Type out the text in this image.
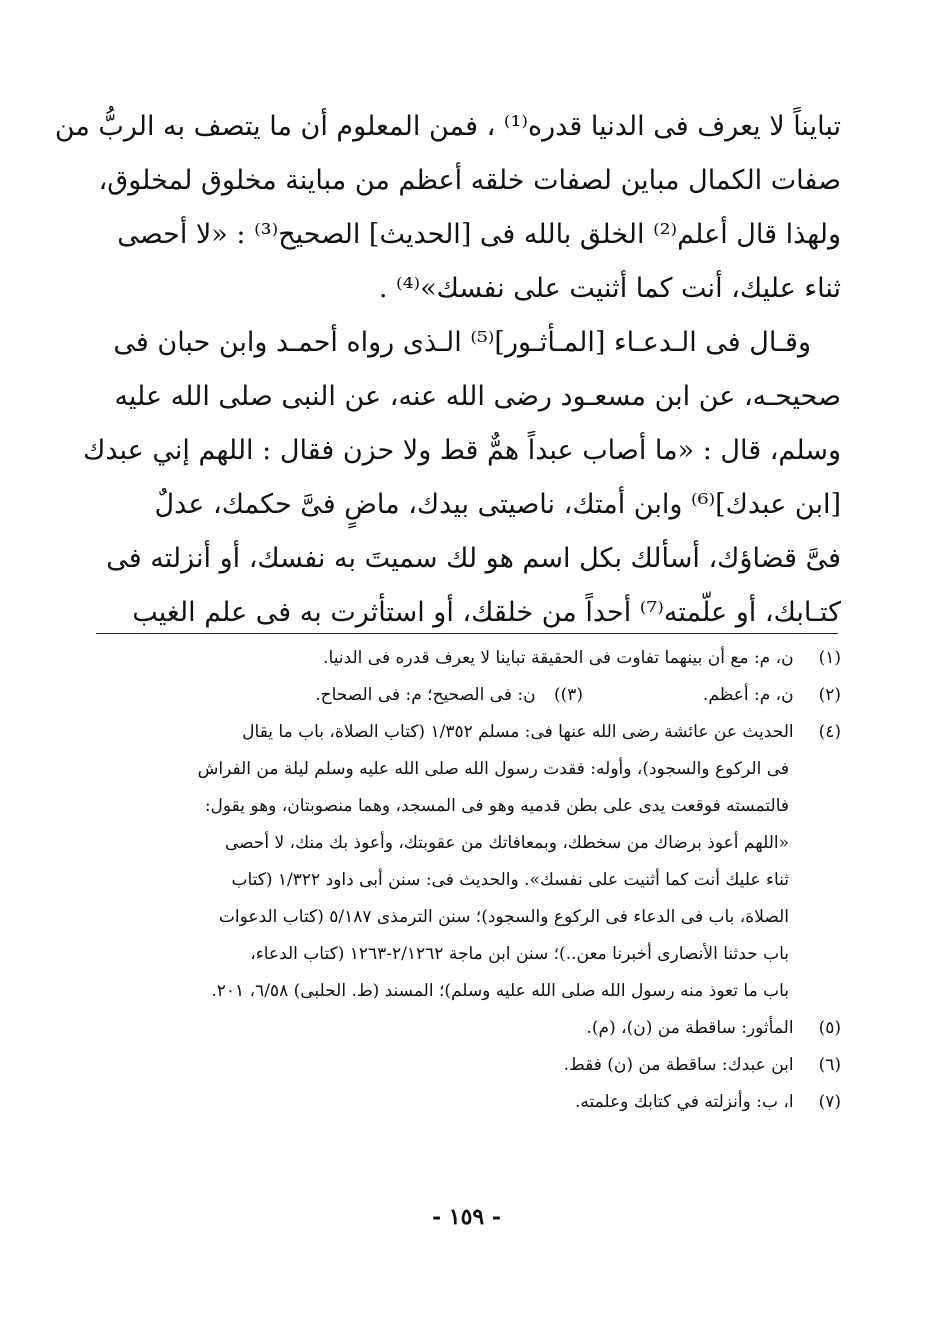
تبايناً لا يعرف فى الدنيا قدره⁽¹⁾ ، فمن المعلوم أن ما يتصف به الربُّ من
صفات الكمال مباين لصفات خلقه أعظم من مباينة مخلوق لمخلوق،
ولهذا قال أعلم⁽²⁾ الخلق بالله فى [الحديث] الصحيح⁽³⁾ : «لا أحصى
ثناء عليك، أنت كما أثنيت على نفسك»⁽⁴⁾ .
وقـال فى الـدعـاء [المـأثـور]⁽⁵⁾ الـذى رواه أحمـد وابن حبان فى
صحيحـه، عن ابن مسعـود رضى الله عنه، عن النبى صلى الله عليه
وسلم، قال : «ما أصاب عبداً همٌّ قط ولا حزن فقال : اللهم إني عبدك
[ابن عبدك]⁽⁶⁾ وابن أمتك، ناصيتى بيدك، ماضٍ فىَّ حكمك، عدلٌ
فىَّ قضاؤك، أسألك بكل اسم هو لك سميتَ به نفسك، أو أنزلته فى
كتـابك، أو علّمته⁽⁷⁾ أحداً من خلقك، أو استأثرت به فى علم الغيب
(١) ن، م: مع أن بينهما تفاوت فى الحقيقة تباينا لا يعرف قدره فى الدنيا.
(٢) ن، م: أعظم.
(٣)) ن: فى الصحيح؛ م: فى الصحاح.
(٤) الحديث عن عائشة رضى الله عنها فى: مسلم ١/٣٥٢ (كتاب الصلاة، باب ما يقال
فى الركوع والسجود)، وأوله: فقدت رسول الله صلى الله عليه وسلم ليلة من الفراش
فالتمسته فوقعت يدى على بطن قدميه وهو فى المسجد، وهما منصوبتان، وهو يقول:
«اللهم أعوذ برضاك من سخطك، وبمعافاتك من عقوبتك، وأعوذ بك منك، لا أحصى
ثناء عليك أنت كما أثنيت على نفسك». والحديث فى: سنن أبى داود ١/٣٢٢ (كتاب
الصلاة، باب فى الدعاء فى الركوع والسجود)؛ سنن الترمذى ٥/١٨٧ (كتاب الدعوات
باب حدثنا الأنصارى أخبرنا معن..)؛ سنن ابن ماجة ٢/١٢٦٢-١٢٦٣ (كتاب الدعاء،
باب ما تعوذ منه رسول الله صلى الله عليه وسلم)؛ المسند (ط. الحلبى) ٦/٥٨، ٢٠١.
(٥) المأثور: ساقطة من (ن)، (م).
(٦) ابن عبدك: ساقطة من (ن) فقط.
(٧) ا، ب: وأنزلته في كتابك وعلمته.
- ١٥٩ -
